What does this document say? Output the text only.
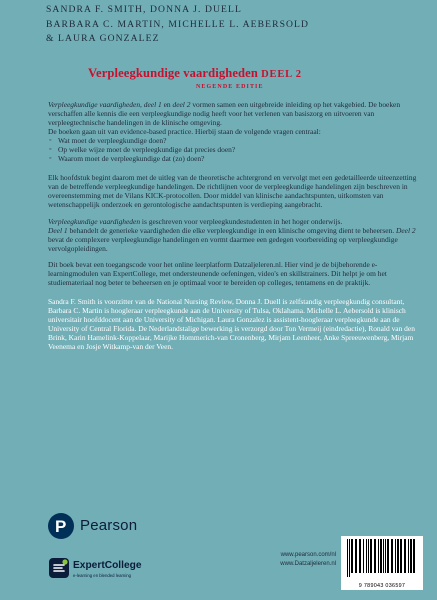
SANDRA F. SMITH, DONNA J. DUELL
BARBARA C. MARTIN, MICHELLE L. AEBERSOLD
& LAURA GONZALEZ
Verpleegkundige vaardigheden DEEL 2
NEGENDE EDITIE

Verpleegkundige vaardigheden, deel 1 en deel 2 vormen samen een uitgebreide inleiding op het vakgebied. De boeken verschaffen alle kennis die een verpleegkundige nodig heeft voor het verlenen van basiszorg en uitvoeren van verpleegtechnische handelingen in de klinische omgeving.

De boeken gaan uit van evidence-based practice. Hierbij staan de volgende vragen centraal:

◦ Wat moet de verpleegkundige doen?
◦ Op welke wijze moet de verpleegkundige dat precies doen?
◦ Waarom moet de verpleegkundige dat (zo) doen?

Elk hoofdstuk begint daarom met de uitleg van de theoretische achtergrond en vervolgt met een gedetailleerde uiteenzetting van de betreffende verpleegkundige handelingen. De richtlijnen voor de verpleegkundige handelingen zijn beschreven in overeenstemming met de Vilans KICK-protocollen. Door middel van klinische aandachtspunten, uitkomsten van wetenschappelijk onderzoek en gerontologische aandachtspunten is verdieping aangebracht.

Verpleegkundige vaardigheden is geschreven voor verpleegkundestudenten in het hoger onderwijs.
Deel 1 behandelt de generieke vaardigheden die elke verpleegkundige in een klinische omgeving dient te beheersen. Deel 2 bevat de complexere verpleegkundige handelingen en vormt daarmee een gedegen voorbereiding op verpleegkundige vervolgopleidingen.

Dit boek bevat een toegangscode voor het online leerplatform Datzaljeleren.nl. Hier vind je de bijbehorende e-learningmodulen van ExpertCollege, met ondersteunende oefeningen, video's en skillstrainers. Dit helpt je om het studiemateriaal nog beter te beheersen en je optimaal voor te bereiden op colleges, tentamens en de praktijk.

Sandra F. Smith is voorzitter van de National Nursing Review, Donna J. Duell is zelfstandig verpleegkundig consultant, Barbara C. Martin is hoogleraar verpleegkunde aan de University of Tulsa, Oklahama. Michelle L. Aebersold is klinisch universitair hoofddocent aan de University of Michigan. Laura Gonzalez is assistent-hoogleraar verpleegkunde aan de University of Central Florida. De Nederlandstalige bewerking is verzorgd door Ton Vermeij (eindredactie), Ronald van den Brink, Karin Hamelink-Koppelaar, Marijke Hommerich-van Cronenberg, Mirjam Leenheer, Anke Spreeuwenberg, Mirjam Veenema en Josje Witkamp-van der Veen.

P Pearson
ExpertCollege
e-learning en blended learning
www.pearson.com/nl
www.Datzaljeleren.nl
9 789043 036597
